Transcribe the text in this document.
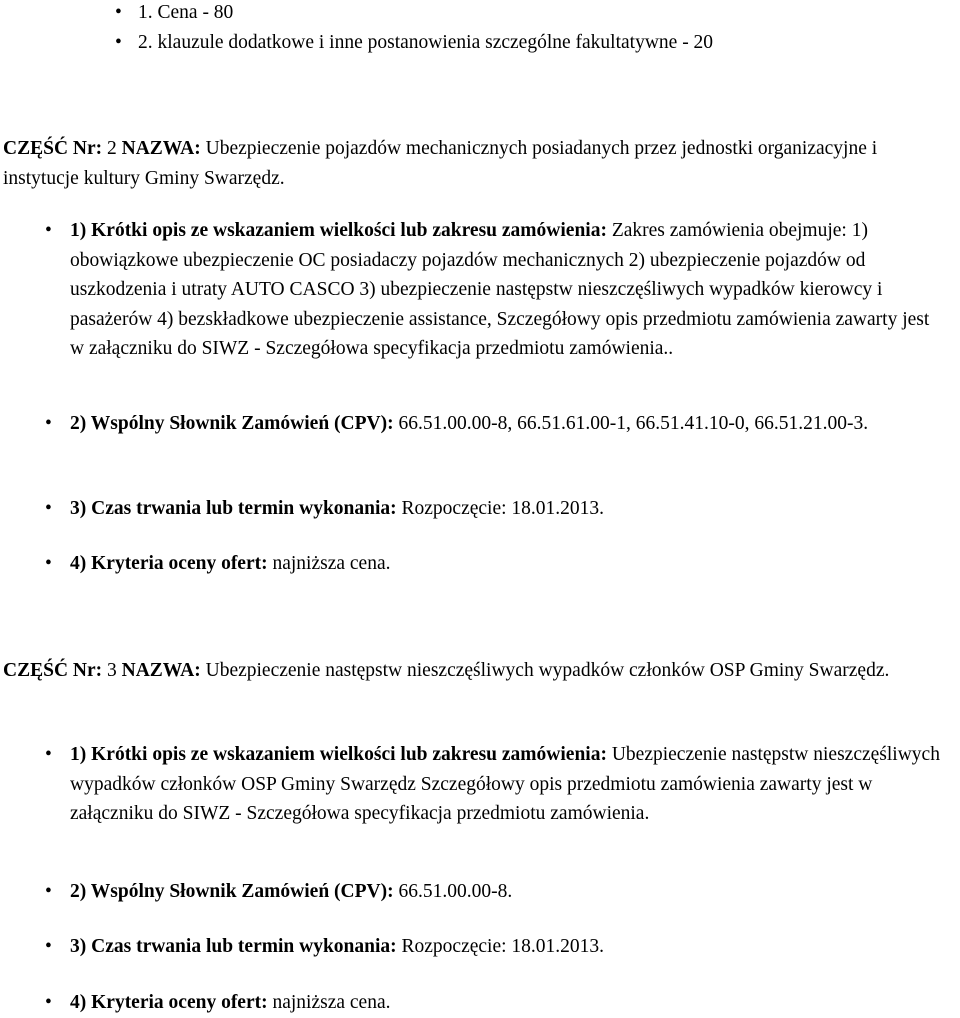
• 1. Cena - 80
• 2. klauzule dodatkowe i inne postanowienia szczególne fakultatywne - 20

CZĘŚĆ Nr: 2 NAZWA: Ubezpieczenie pojazdów mechanicznych posiadanych przez jednostki organizacyjne i instytucje kultury Gminy Swarzędz.

• 1) Krótki opis ze wskazaniem wielkości lub zakresu zamówienia: Zakres zamówienia obejmuje: 1) obowiązkowe ubezpieczenie OC posiadaczy pojazdów mechanicznych 2) ubezpieczenie pojazdów od uszkodzenia i utraty AUTO CASCO 3) ubezpieczenie następstw nieszczęśliwych wypadków kierowcy i pasażerów 4) bezskładkowe ubezpieczenie assistance, Szczegółowy opis przedmiotu zamówienia zawarty jest w załączniku do SIWZ - Szczegółowa specyfikacja przedmiotu zamówienia..
• 2) Wspólny Słownik Zamówień (CPV): 66.51.00.00-8, 66.51.61.00-1, 66.51.41.10-0, 66.51.21.00-3.
• 3) Czas trwania lub termin wykonania: Rozpoczęcie: 18.01.2013.
• 4) Kryteria oceny ofert: najniższa cena.

CZĘŚĆ Nr: 3 NAZWA: Ubezpieczenie następstw nieszczęśliwych wypadków członków OSP Gminy Swarzędz.

• 1) Krótki opis ze wskazaniem wielkości lub zakresu zamówienia: Ubezpieczenie następstw nieszczęśliwych wypadków członków OSP Gminy Swarzędz Szczegółowy opis przedmiotu zamówienia zawarty jest w załączniku do SIWZ - Szczegółowa specyfikacja przedmiotu zamówienia.
• 2) Wspólny Słownik Zamówień (CPV): 66.51.00.00-8.
• 3) Czas trwania lub termin wykonania: Rozpoczęcie: 18.01.2013.
• 4) Kryteria oceny ofert: najniższa cena.
